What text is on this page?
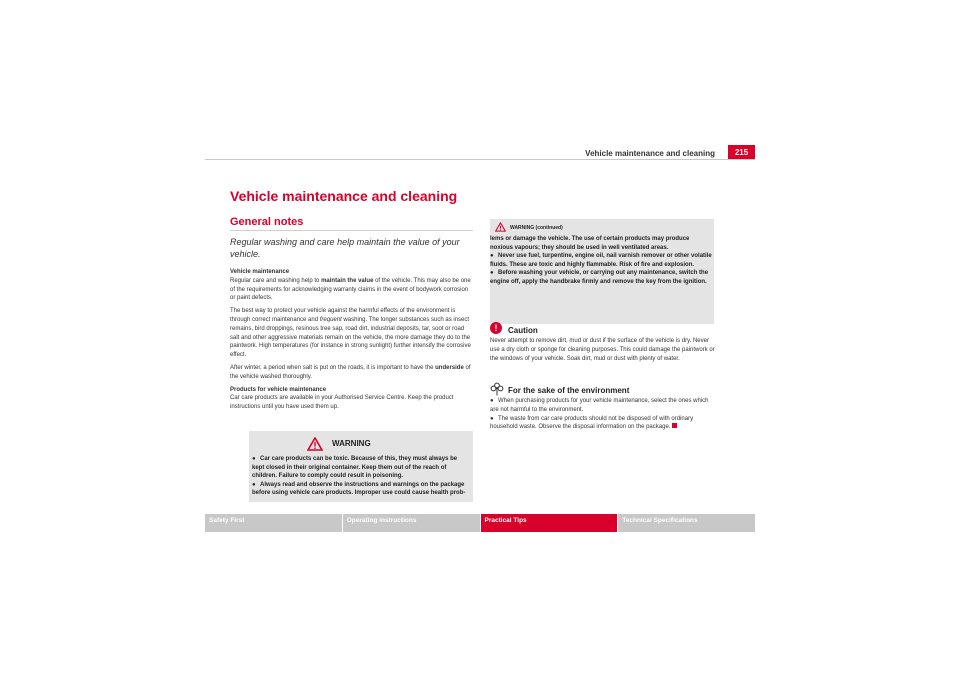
Vehicle maintenance and cleaning	215
Vehicle maintenance and cleaning
General notes
Regular washing and care help maintain the value of your vehicle.

Vehicle maintenance

Regular care and washing help to maintain the value of the vehicle. This may also be one of the requirements for acknowledging warranty claims in the event of bodywork corrosion or paint defects.

The best way to protect your vehicle against the harmful effects of the environment is through correct maintenance and frequent washing. The longer substances such as insect remains, bird droppings, resinous tree sap, road dirt, industrial deposits, tar, soot or road salt and other aggressive materials remain on the vehicle, the more damage they do to the paintwork. High temperatures (for instance in strong sunlight) further intensify the corrosive effect.

After winter, a period when salt is put on the roads, it is important to have the underside of the vehicle washed thoroughly.

Products for vehicle maintenance

Car care products are available in your Authorised Service Centre. Keep the product instructions until you have used them up.

WARNING
● Car care products can be toxic. Because of this, they must always be kept closed in their original container. Keep them out of the reach of children. Failure to comply could result in poisoning.
● Always read and observe the instructions and warnings on the package before using vehicle care products. Improper use could cause health prob-
WARNING (continued)
lems or damage the vehicle. The use of certain products may produce noxious vapours; they should be used in well ventilated areas.
● Never use fuel, turpentine, engine oil, nail varnish remover or other volatile fluids. These are toxic and highly flammable. Risk of fire and explosion.
● Before washing your vehicle, or carrying out any maintenance, switch the engine off, apply the handbrake firmly and remove the key from the ignition.
!	Caution
Never attempt to remove dirt, mud or dust if the surface of the vehicle is dry. Never use a dry cloth or sponge for cleaning purposes. This could damage the paintwork or the windows of your vehicle. Soak dirt, mud or dust with plenty of water.
For the sake of the environment
● When purchasing products for your vehicle maintenance, select the ones which are not harmful to the environment.
● The waste from car care products should not be disposed of with ordinary household waste. Observe the disposal information on the package.
Safety First	Operating instructions	Practical Tips	Technical Specifications
